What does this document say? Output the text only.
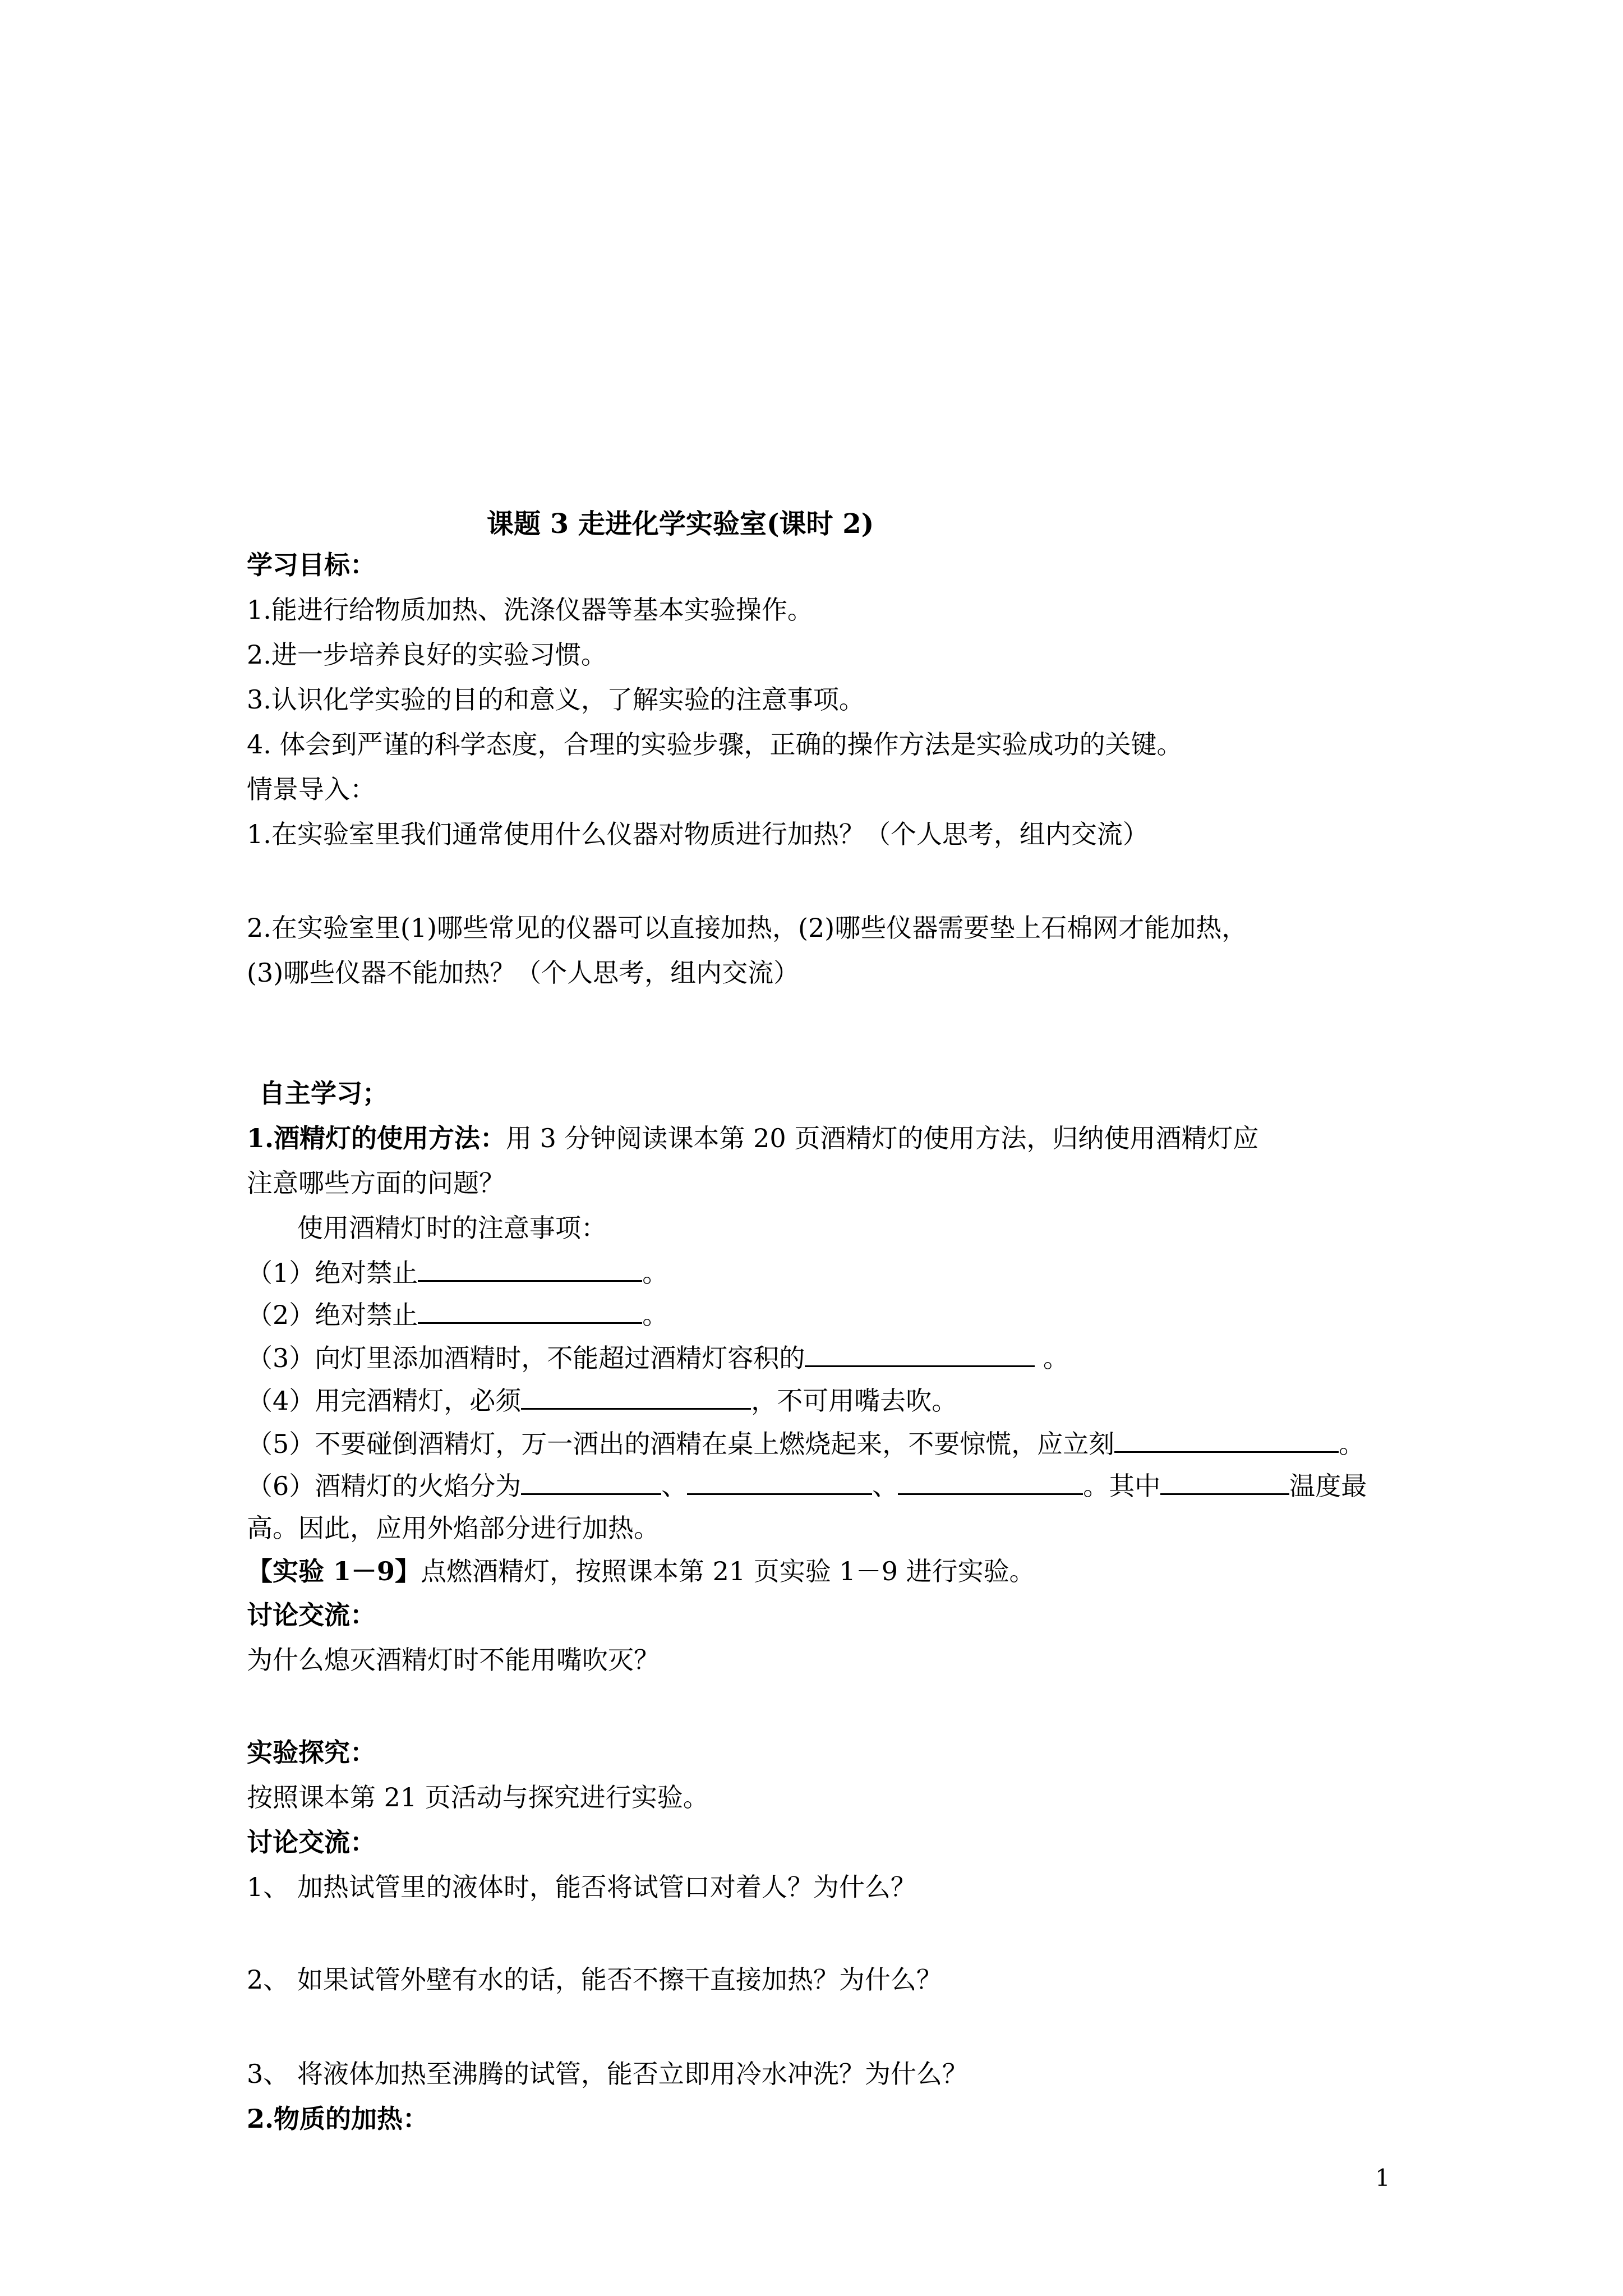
课题 3 走进化学实验室(课时 2)
学习目标：
1.能进行给物质加热、洗涤仪器等基本实验操作。
2.进一步培养良好的实验习惯。
3.认识化学实验的目的和意义，了解实验的注意事项。
4. 体会到严谨的科学态度，合理的实验步骤，正确的操作方法是实验成功的关键。
情景导入：
1.在实验室里我们通常使用什么仪器对物质进行加热？（个人思考，组内交流）
2.在实验室里(1)哪些常见的仪器可以直接加热，(2)哪些仪器需要垫上石棉网才能加热，
(3)哪些仪器不能加热？（个人思考，组内交流）
自主学习；
1.酒精灯的使用方法：用 3 分钟阅读课本第 20 页酒精灯的使用方法，归纳使用酒精灯应
注意哪些方面的问题？
使用酒精灯时的注意事项：
（1）绝对禁止	。
（2）绝对禁止	。
（3）向灯里添加酒精时，不能超过酒精灯容积的	。
（4）用完酒精灯，必须	，不可用嘴去吹。
（5）不要碰倒酒精灯，万一洒出的酒精在桌上燃烧起来，不要惊慌，应立刻	。
（6）酒精灯的火焰分为	、	、	。其中	温度最
高。因此，应用外焰部分进行加热。
【实验 1－9】点燃酒精灯，按照课本第 21 页实验 1－9 进行实验。
讨论交流：
为什么熄灭酒精灯时不能用嘴吹灭？
实验探究：
按照课本第 21 页活动与探究进行实验。
讨论交流：
1、 加热试管里的液体时，能否将试管口对着人？为什么？
2、 如果试管外壁有水的话，能否不擦干直接加热？为什么？
3、 将液体加热至沸腾的试管，能否立即用冷水冲洗？为什么？
2.物质的加热：
1
